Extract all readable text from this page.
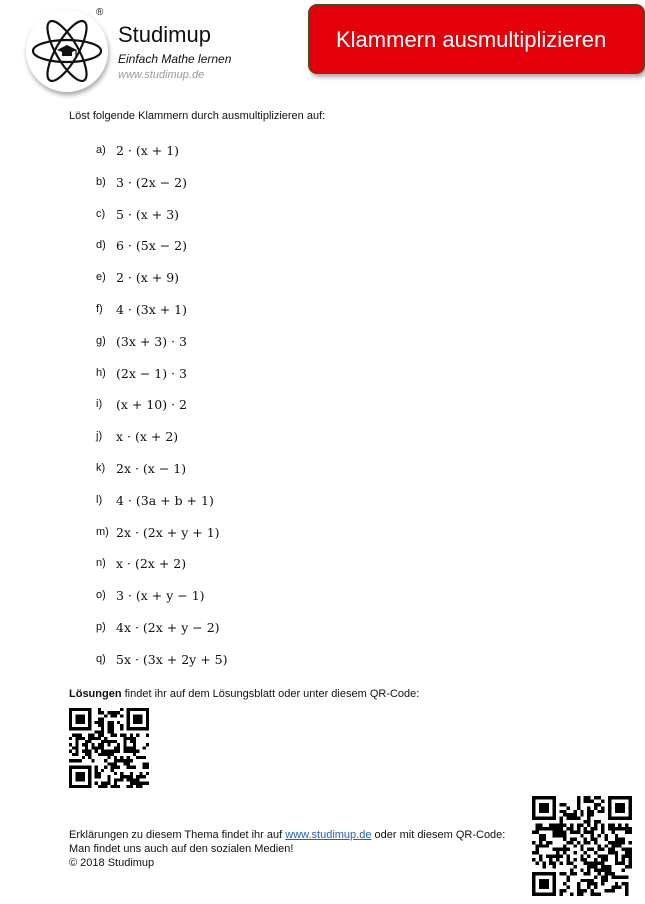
®
Studimup
Einfach Mathe lernen
www.studimup.de
Klammern ausmultiplizieren
Löst folgende Klammern durch ausmultiplizieren auf:
a) 2 · (x + 1)
b) 3 · (2x − 2)
c) 5 · (x + 3)
d) 6 · (5x − 2)
e) 2 · (x + 9)
f) 4 · (3x + 1)
g) (3x + 3) · 3
h) (2x − 1) · 3
i) (x + 10) · 2
j) x · (x + 2)
k) 2x · (x − 1)
l) 4 · (3a + b + 1)
m) 2x · (2x + y + 1)
n) x · (2x + 2)
o) 3 · (x + y − 1)
p) 4x · (2x + y − 2)
q) 5x · (3x + 2y + 5)
Lösungen findet ihr auf dem Lösungsblatt oder unter diesem QR-Code:
Erklärungen zu diesem Thema findet ihr auf www.studimup.de oder mit diesem QR-Code:
Man findet uns auch auf den sozialen Medien!
© 2018 Studimup
